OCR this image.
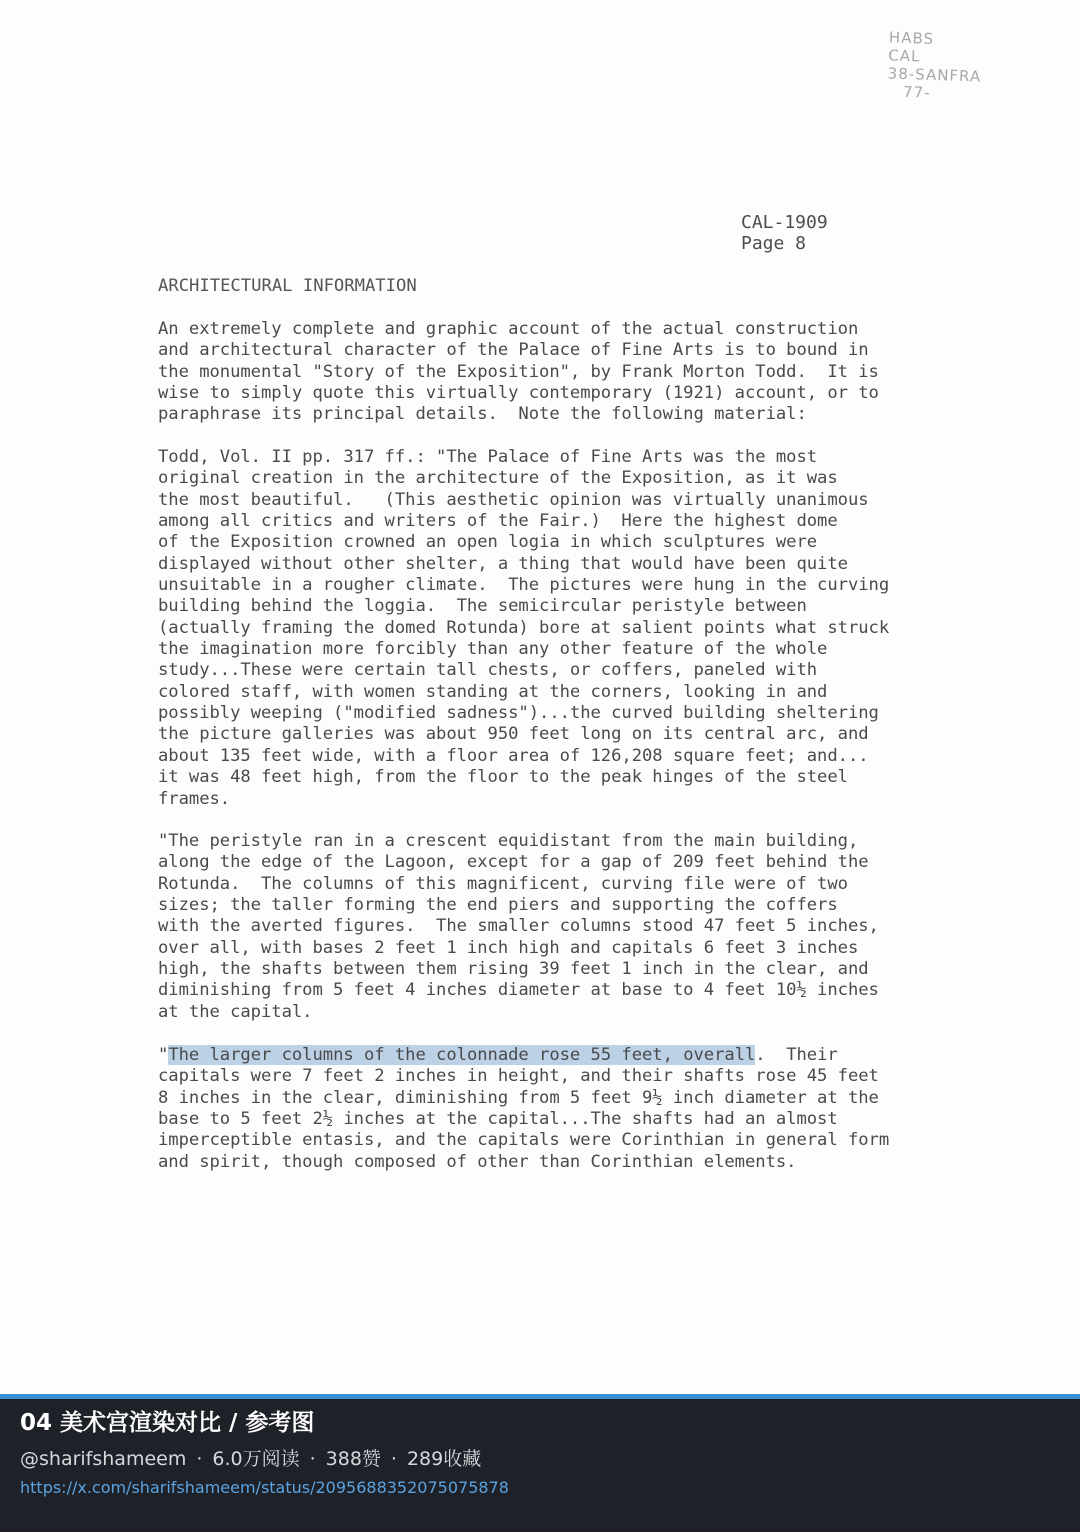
HABS
CAL
38-SANFRA
77-
CAL-1909
Page 8
ARCHITECTURAL INFORMATION
An extremely complete and graphic account of the actual construction
and architectural character of the Palace of Fine Arts is to bound in
the monumental "Story of the Exposition", by Frank Morton Todd.  It is
wise to simply quote this virtually contemporary (1921) account, or to
paraphrase its principal details.  Note the following material:
Todd, Vol. II pp. 317 ff.: "The Palace of Fine Arts was the most
original creation in the architecture of the Exposition, as it was
the most beautiful.   (This aesthetic opinion was virtually unanimous
among all critics and writers of the Fair.)  Here the highest dome
of the Exposition crowned an open logia in which sculptures were
displayed without other shelter, a thing that would have been quite
unsuitable in a rougher climate.  The pictures were hung in the curving
building behind the loggia.  The semicircular peristyle between
(actually framing the domed Rotunda) bore at salient points what struck
the imagination more forcibly than any other feature of the whole
study...These were certain tall chests, or coffers, paneled with
colored staff, with women standing at the corners, looking in and
possibly weeping ("modified sadness")...the curved building sheltering
the picture galleries was about 950 feet long on its central arc, and
about 135 feet wide, with a floor area of 126,208 square feet; and...
it was 48 feet high, from the floor to the peak hinges of the steel
frames.
"The peristyle ran in a crescent equidistant from the main building,
along the edge of the Lagoon, except for a gap of 209 feet behind the
Rotunda.  The columns of this magnificent, curving file were of two
sizes; the taller forming the end piers and supporting the coffers
with the averted figures.  The smaller columns stood 47 feet 5 inches,
over all, with bases 2 feet 1 inch high and capitals 6 feet 3 inches
high, the shafts between them rising 39 feet 1 inch in the clear, and
diminishing from 5 feet 4 inches diameter at base to 4 feet 10½ inches
at the capital.
"The larger columns of the colonnade rose 55 feet, overall.  Their
capitals were 7 feet 2 inches in height, and their shafts rose 45 feet
8 inches in the clear, diminishing from 5 feet 9½ inch diameter at the
base to 5 feet 2½ inches at the capital...The shafts had an almost
imperceptible entasis, and the capitals were Corinthian in general form
and spirit, though composed of other than Corinthian elements.
04 美术宫渲染对比 / 参考图
@sharifshameem · 6.0万阅读 · 388赞 · 289收藏
https://x.com/sharifshameem/status/2095688352075075878
